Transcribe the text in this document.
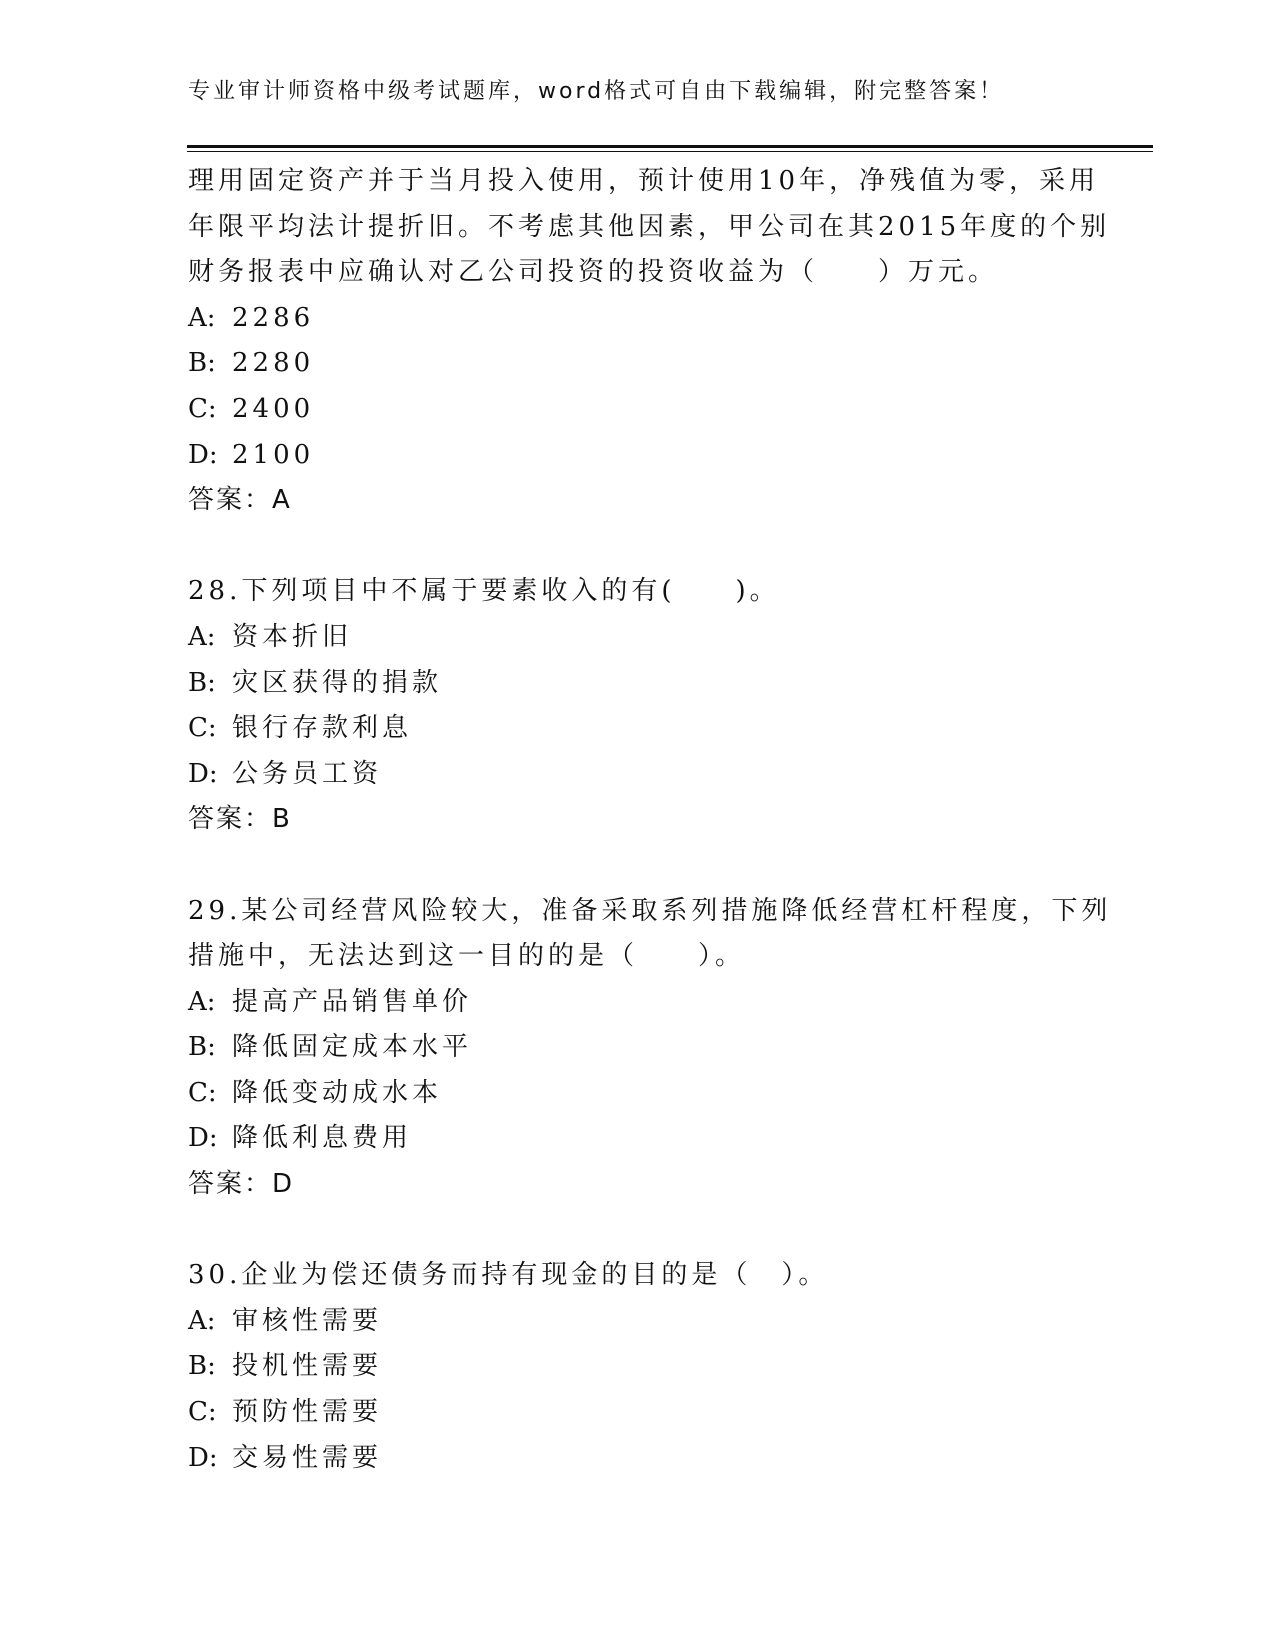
专业审计师资格中级考试题库，word格式可自由下载编辑，附完整答案！
理用固定资产并于当月投入使用，预计使用10年，净残值为零，采用
年限平均法计提折旧。不考虑其他因素，甲公司在其2015年度的个别
财务报表中应确认对乙公司投资的投资收益为（　　）万元。
A: 2286
B: 2280
C: 2400
D: 2100
答案：A
28.下列项目中不属于要素收入的有(　　)。
A: 资本折旧
B: 灾区获得的捐款
C: 银行存款利息
D: 公务员工资
答案：B
29.某公司经营风险较大，准备采取系列措施降低经营杠杆程度，下列
措施中，无法达到这一目的的是（　　）。
A: 提高产品销售单价
B: 降低固定成本水平
C: 降低变动成水本
D: 降低利息费用
答案：D
30.企业为偿还债务而持有现金的目的是（　）。
A: 审核性需要
B: 投机性需要
C: 预防性需要
D: 交易性需要
